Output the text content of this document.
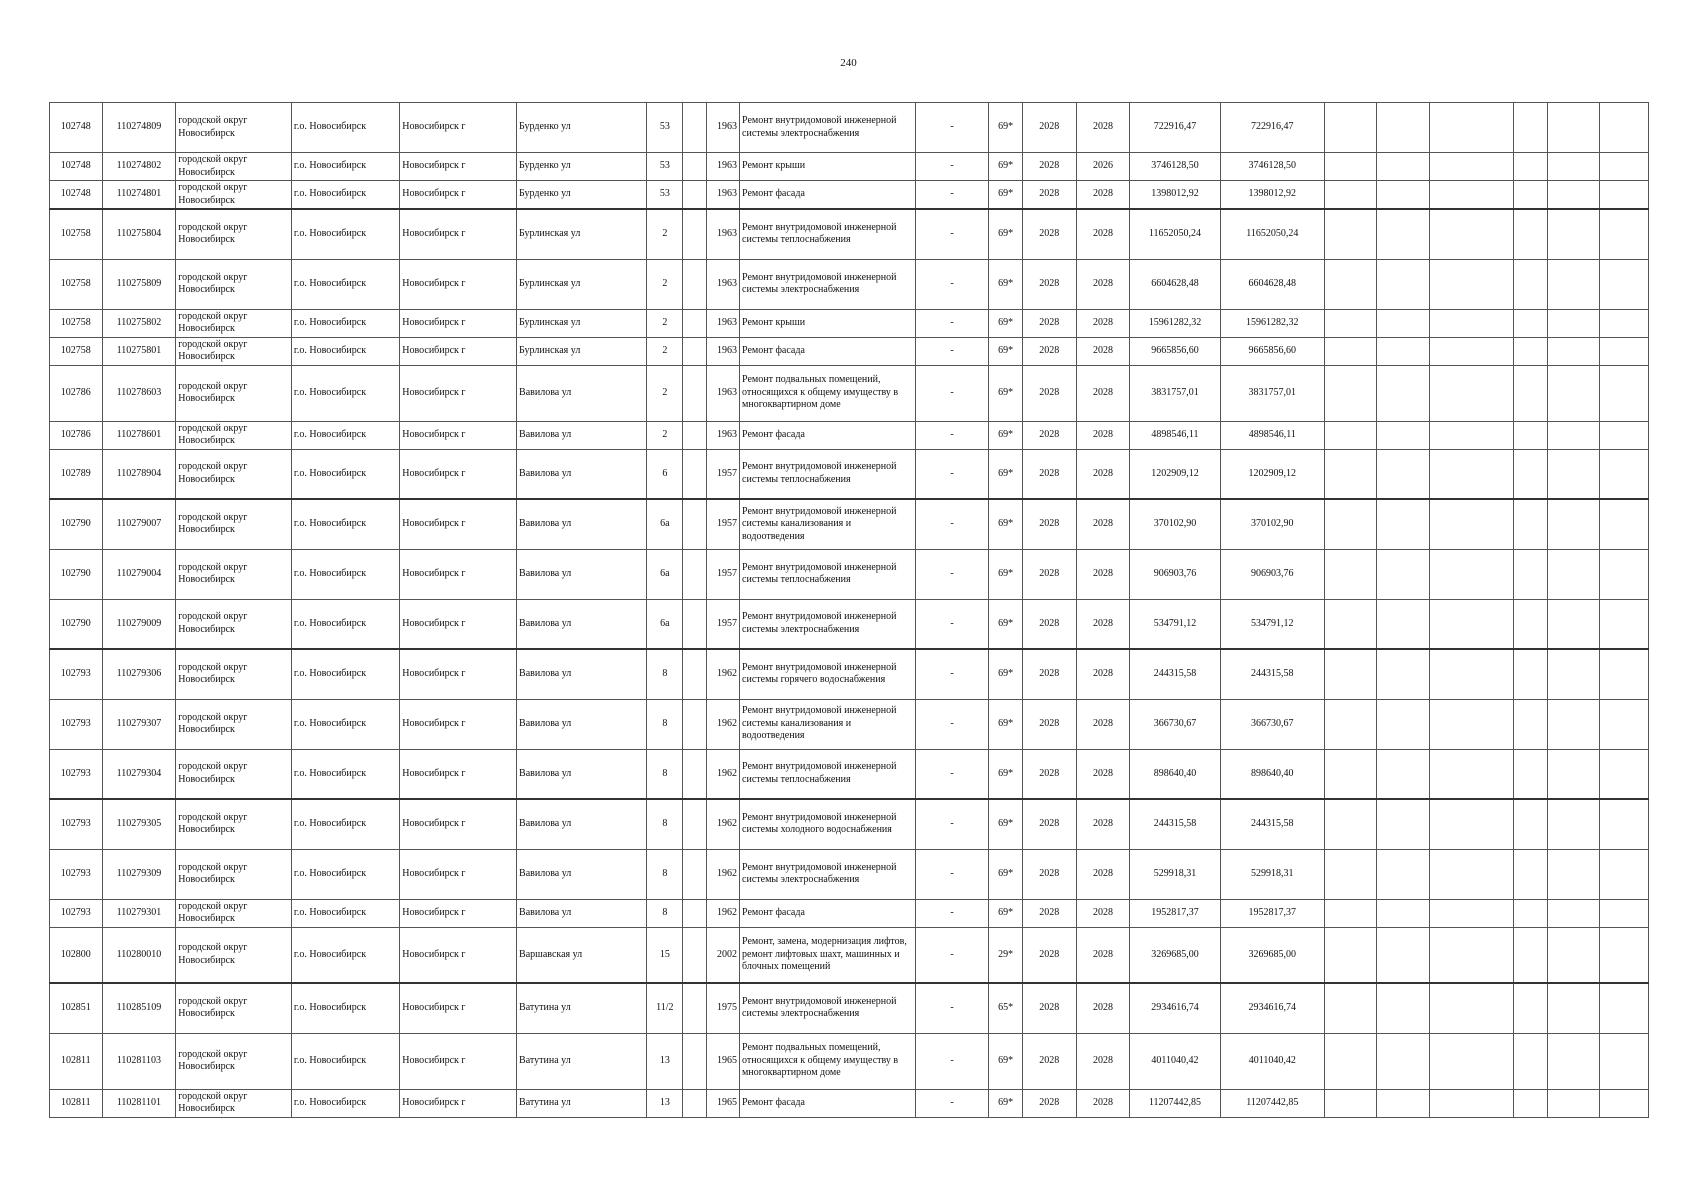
240
102748	110274809	городской округ Новосибирск	г.о. Новосибирск	Новосибирск г	Бурденко ул	53		1963	Ремонт внутридомовой инженерной системы электроснабжения	-	69*	2028	2028	722916,47	722916,47						
102748	110274802	городской округ Новосибирск	г.о. Новосибирск	Новосибирск г	Бурденко ул	53		1963	Ремонт крыши	-	69*	2028	2026	3746128,50	3746128,50						
102748	110274801	городской округ Новосибирск	г.о. Новосибирск	Новосибирск г	Бурденко ул	53		1963	Ремонт фасада	-	69*	2028	2028	1398012,92	1398012,92						
102758	110275804	городской округ Новосибирск	г.о. Новосибирск	Новосибирск г	Бурлинская ул	2		1963	Ремонт внутридомовой инженерной системы теплоснабжения	-	69*	2028	2028	11652050,24	11652050,24						
102758	110275809	городской округ Новосибирск	г.о. Новосибирск	Новосибирск г	Бурлинская ул	2		1963	Ремонт внутридомовой инженерной системы электроснабжения	-	69*	2028	2028	6604628,48	6604628,48						
102758	110275802	городской округ Новосибирск	г.о. Новосибирск	Новосибирск г	Бурлинская ул	2		1963	Ремонт крыши	-	69*	2028	2028	15961282,32	15961282,32						
102758	110275801	городской округ Новосибирск	г.о. Новосибирск	Новосибирск г	Бурлинская ул	2		1963	Ремонт фасада	-	69*	2028	2028	9665856,60	9665856,60						
102786	110278603	городской округ Новосибирск	г.о. Новосибирск	Новосибирск г	Вавилова ул	2		1963	Ремонт подвальных помещений, относящихся к общему имуществу в многоквартирном доме	-	69*	2028	2028	3831757,01	3831757,01						
102786	110278601	городской округ Новосибирск	г.о. Новосибирск	Новосибирск г	Вавилова ул	2		1963	Ремонт фасада	-	69*	2028	2028	4898546,11	4898546,11						
102789	110278904	городской округ Новосибирск	г.о. Новосибирск	Новосибирск г	Вавилова ул	6		1957	Ремонт внутридомовой инженерной системы теплоснабжения	-	69*	2028	2028	1202909,12	1202909,12						
102790	110279007	городской округ Новосибирск	г.о. Новосибирск	Новосибирск г	Вавилова ул	6а		1957	Ремонт внутридомовой инженерной системы канализования и водоотведения	-	69*	2028	2028	370102,90	370102,90						
102790	110279004	городской округ Новосибирск	г.о. Новосибирск	Новосибирск г	Вавилова ул	6а		1957	Ремонт внутридомовой инженерной системы теплоснабжения	-	69*	2028	2028	906903,76	906903,76						
102790	110279009	городской округ Новосибирск	г.о. Новосибирск	Новосибирск г	Вавилова ул	6а		1957	Ремонт внутридомовой инженерной системы электроснабжения	-	69*	2028	2028	534791,12	534791,12						
102793	110279306	городской округ Новосибирск	г.о. Новосибирск	Новосибирск г	Вавилова ул	8		1962	Ремонт внутридомовой инженерной системы горячего водоснабжения	-	69*	2028	2028	244315,58	244315,58						
102793	110279307	городской округ Новосибирск	г.о. Новосибирск	Новосибирск г	Вавилова ул	8		1962	Ремонт внутридомовой инженерной системы канализования и водоотведения	-	69*	2028	2028	366730,67	366730,67						
102793	110279304	городской округ Новосибирск	г.о. Новосибирск	Новосибирск г	Вавилова ул	8		1962	Ремонт внутридомовой инженерной системы теплоснабжения	-	69*	2028	2028	898640,40	898640,40						
102793	110279305	городской округ Новосибирск	г.о. Новосибирск	Новосибирск г	Вавилова ул	8		1962	Ремонт внутридомовой инженерной системы холодного водоснабжения	-	69*	2028	2028	244315,58	244315,58						
102793	110279309	городской округ Новосибирск	г.о. Новосибирск	Новосибирск г	Вавилова ул	8		1962	Ремонт внутридомовой инженерной системы электроснабжения	-	69*	2028	2028	529918,31	529918,31						
102793	110279301	городской округ Новосибирск	г.о. Новосибирск	Новосибирск г	Вавилова ул	8		1962	Ремонт фасада	-	69*	2028	2028	1952817,37	1952817,37						
102800	110280010	городской округ Новосибирск	г.о. Новосибирск	Новосибирск г	Варшавская ул	15		2002	Ремонт, замена, модернизация лифтов, ремонт лифтовых шахт, машинных и блочных помещений	-	29*	2028	2028	3269685,00	3269685,00						
102851	110285109	городской округ Новосибирск	г.о. Новосибирск	Новосибирск г	Ватутина ул	11/2		1975	Ремонт внутридомовой инженерной системы электроснабжения	-	65*	2028	2028	2934616,74	2934616,74						
102811	110281103	городской округ Новосибирск	г.о. Новосибирск	Новосибирск г	Ватутина ул	13		1965	Ремонт подвальных помещений, относящихся к общему имуществу в многоквартирном доме	-	69*	2028	2028	4011040,42	4011040,42						
102811	110281101	городской округ Новосибирск	г.о. Новосибирск	Новосибирск г	Ватутина ул	13		1965	Ремонт фасада	-	69*	2028	2028	11207442,85	11207442,85						
